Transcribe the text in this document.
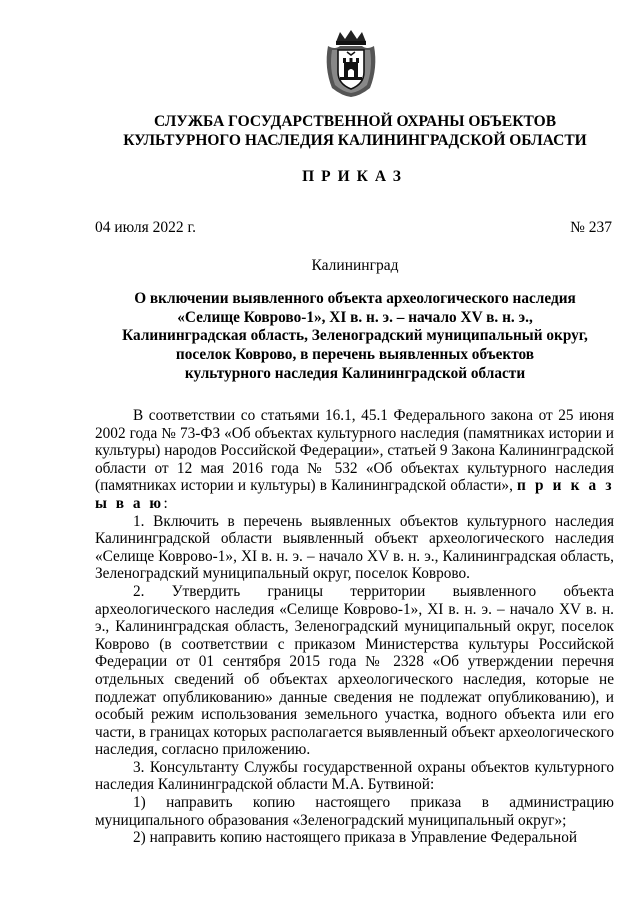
СЛУЖБА ГОСУДАРСТВЕННОЙ ОХРАНЫ ОБЪЕКТОВ
КУЛЬТУРНОГО НАСЛЕДИЯ КАЛИНИНГРАДСКОЙ ОБЛАСТИ
ПРИКАЗ
04 июля 2022 г.	№ 237
Калининград
О включении выявленного объекта археологического наследия
«Селище Коврово-1», XI в. н. э. – начало XV в. н. э.,
Калининградская область, Зеленоградский муниципальный округ,
поселок Коврово, в перечень выявленных объектов
культурного наследия Калининградской области

В соответствии со статьями 16.1, 45.1 Федерального закона от 25 июня 2002 года № 73-ФЗ «Об объектах культурного наследия (памятниках истории и культуры) народов Российской Федерации», статьей 9 Закона Калининградской области от 12 мая 2016 года № 532 «Об объектах культурного наследия (памятниках истории и культуры) в Калининградской области», п р и к а з ы в а ю:

1. Включить в перечень выявленных объектов культурного наследия Калининградской области выявленный объект археологического наследия «Селище Коврово-1», XI в. н. э. – начало XV в. н. э., Калининградская область, Зеленоградский муниципальный округ, поселок Коврово.

2. Утвердить границы территории выявленного объекта археологического наследия «Селище Коврово-1», XI в. н. э. – начало XV в. н. э., Калининградская область, Зеленоградский муниципальный округ, поселок Коврово (в соответствии с приказом Министерства культуры Российской Федерации от 01 сентября 2015 года № 2328 «Об утверждении перечня отдельных сведений об объектах археологического наследия, которые не подлежат опубликованию» данные сведения не подлежат опубликованию), и особый режим использования земельного участка, водного объекта или его части, в границах которых располагается выявленный объект археологического наследия, согласно приложению.

3. Консультанту Службы государственной охраны объектов культурного наследия Калининградской области М.А. Бутвиной:

1) направить копию настоящего приказа в администрацию муниципального образования «Зеленоградский муниципальный округ»;

2) направить копию настоящего приказа в Управление Федеральной
